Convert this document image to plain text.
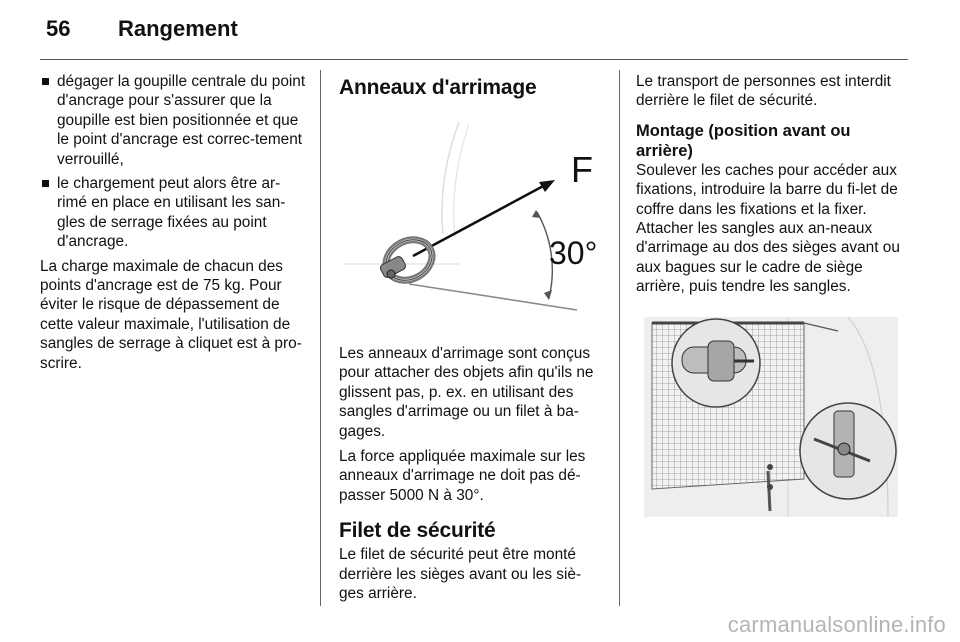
56 Rangement
dégager la goupille centrale du point d'ancrage pour s'assurer que la goupille est bien positionnée et que le point d'ancrage est correc-tement verrouillé,
le chargement peut alors être ar-rimé en place en utilisant les san-gles de serrage fixées au point d'ancrage.

La charge maximale de chacun des points d'ancrage est de 75 kg. Pour éviter le risque de dépassement de cette valeur maximale, l'utilisation de sangles de serrage à cliquet est à pro-scrire.

Anneaux d'arrimage
F
30°

Les anneaux d'arrimage sont conçus pour attacher des objets afin qu'ils ne glissent pas, p. ex. en utilisant des sangles d'arrimage ou un filet à ba-gages.

La force appliquée maximale sur les anneaux d'arrimage ne doit pas dé-passer 5000 N à 30°.

Filet de sécurité

Le filet de sécurité peut être monté derrière les sièges avant ou les siè-ges arrière.

Le transport de personnes est interdit derrière le filet de sécurité.

Montage (position avant ou arrière)

Soulever les caches pour accéder aux fixations, introduire la barre du fi-let de coffre dans les fixations et la fixer. Attacher les sangles aux an-neaux d'arrimage au dos des sièges avant ou aux bagues sur le cadre de siège arrière, puis tendre les sangles.

carmanualsonline.info
